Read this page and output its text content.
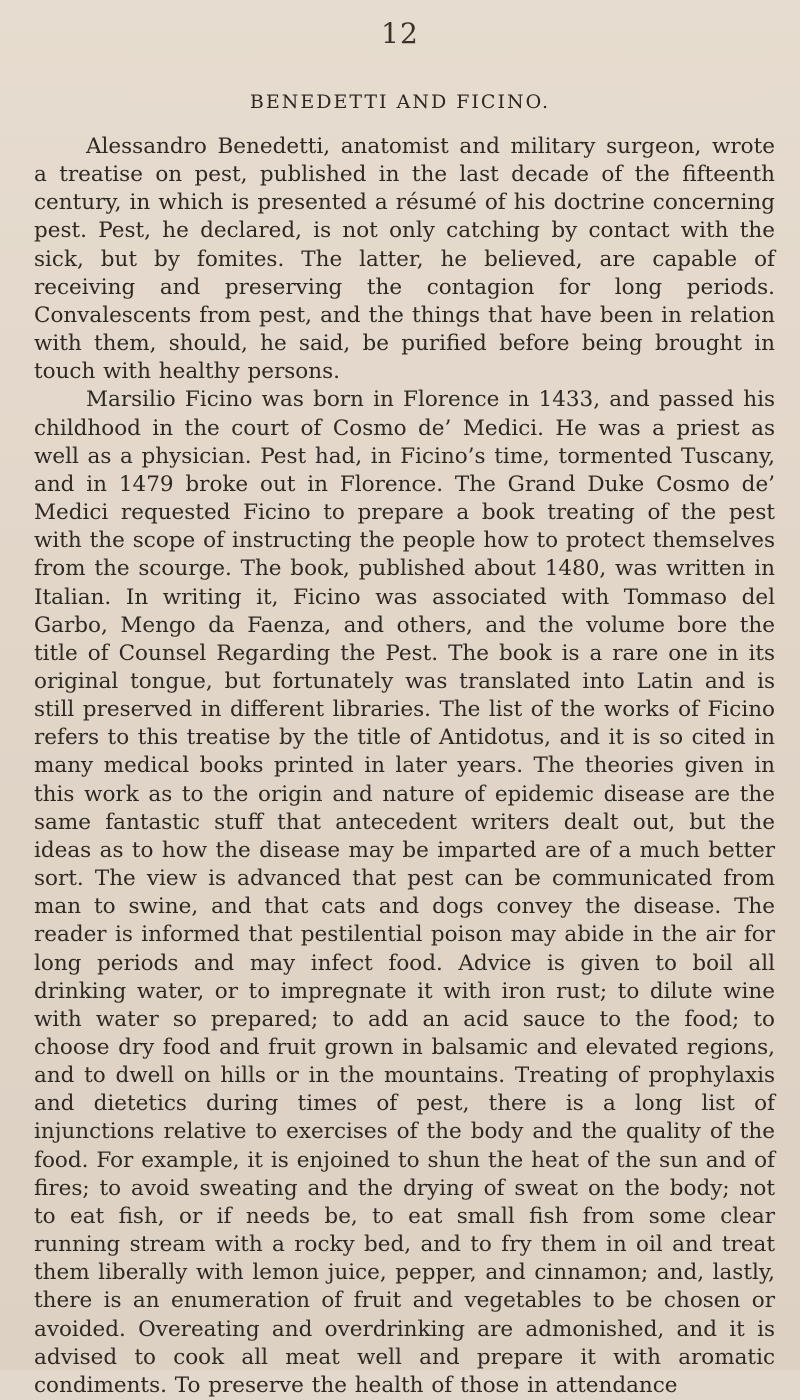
12
BENEDETTI AND FICINO.

Alessandro Benedetti, anatomist and military surgeon, wrote a treatise on pest, published in the last decade of the fifteenth century, in which is presented a résumé of his doctrine concerning pest. Pest, he declared, is not only catching by contact with the sick, but by fomites. The latter, he believed, are capable of receiving and preserving the contagion for long periods. Convalescents from pest, and the things that have been in relation with them, should, he said, be purified before being brought in touch with healthy persons.

Marsilio Ficino was born in Florence in 1433, and passed his childhood in the court of Cosmo de’ Medici. He was a priest as well as a physician. Pest had, in Ficino’s time, tormented Tuscany, and in 1479 broke out in Florence. The Grand Duke Cosmo de’ Medici requested Ficino to prepare a book treating of the pest with the scope of instructing the people how to protect themselves from the scourge. The book, published about 1480, was written in Italian. In writing it, Ficino was associated with Tommaso del Garbo, Mengo da Faenza, and others, and the volume bore the title of Counsel Regarding the Pest. The book is a rare one in its original tongue, but fortunately was translated into Latin and is still preserved in different libraries. The list of the works of Ficino refers to this treatise by the title of Antidotus, and it is so cited in many medical books printed in later years. The theories given in this work as to the origin and nature of epidemic disease are the same fantastic stuff that antecedent writers dealt out, but the ideas as to how the disease may be imparted are of a much better sort. The view is advanced that pest can be communicated from man to swine, and that cats and dogs convey the disease. The reader is informed that pestilential poison may abide in the air for long periods and may infect food. Advice is given to boil all drinking water, or to impregnate it with iron rust; to dilute wine with water so prepared; to add an acid sauce to the food; to choose dry food and fruit grown in balsamic and elevated regions, and to dwell on hills or in the mountains. Treating of prophylaxis and dietetics during times of pest, there is a long list of injunctions relative to exercises of the body and the quality of the food. For example, it is enjoined to shun the heat of the sun and of fires; to avoid sweating and the drying of sweat on the body; not to eat fish, or if needs be, to eat small fish from some clear running stream with a rocky bed, and to fry them in oil and treat them liberally with lemon juice, pepper, and cinnamon; and, lastly, there is an enumeration of fruit and vegetables to be chosen or avoided. Overeating and overdrinking are admonished, and it is advised to cook all meat well and prepare it with aromatic condiments. To preserve the health of those in attendance
